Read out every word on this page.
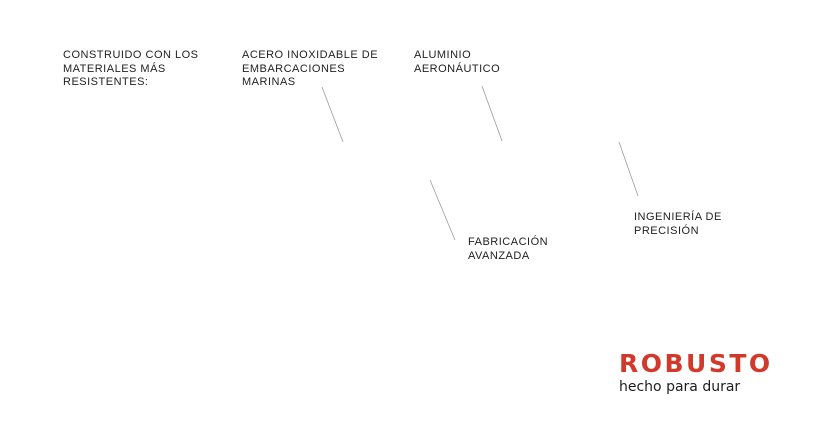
CONSTRUIDO CON LOS
MATERIALES MÁS
RESISTENTES:
ACERO INOXIDABLE DE
EMBARCACIONES
MARINAS
ALUMINIO
AERONÁUTICO
FABRICACIÓN
AVANZADA
INGENIERÍA DE
PRECISIÓN
ROBUSTO
hecho para durar
